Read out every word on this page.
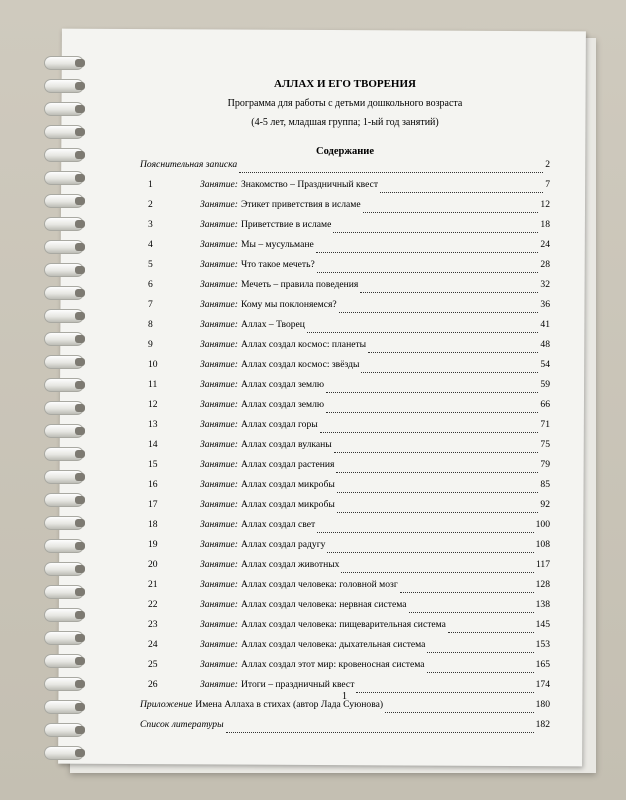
АЛЛАХ И ЕГО ТВОРЕНИЯ

Программа для работы с детьми дошкольного возраста

(4-5 лет, младшая группа; 1-ый год занятий)

Содержание
Пояснительная записка	2
1	Занятие: Знакомство – Праздничный квест	7
2	Занятие: Этикет приветствия в исламе	12
3	Занятие: Приветствие в исламе	18
4	Занятие: Мы – мусульмане	24
5	Занятие: Что такое мечеть?	28
6	Занятие: Мечеть – правила поведения	32
7	Занятие: Кому мы поклоняемся?	36
8	Занятие: Аллах – Творец	41
9	Занятие: Аллах создал космос: планеты	48
10	Занятие: Аллах создал космос: звёзды	54
11	Занятие: Аллах создал землю	59
12	Занятие: Аллах создал землю	66
13	Занятие: Аллах создал горы	71
14	Занятие: Аллах создал вулканы	75
15	Занятие: Аллах создал растения	79
16	Занятие: Аллах создал микробы	85
17	Занятие: Аллах создал микробы	92
18	Занятие: Аллах создал свет	100
19	Занятие: Аллах создал радугу	108
20	Занятие: Аллах создал животных	117
21	Занятие: Аллах создал человека: головной мозг	128
22	Занятие: Аллах создал человека: нервная система	138
23	Занятие: Аллах создал человека: пищеварительная система	145
24	Занятие: Аллах создал человека: дыхательная система	153
25	Занятие: Аллах создал этот мир: кровеносная система	165
26	Занятие: Итоги – праздничный квест	174
Приложение Имена Аллаха в стихах (автор Лада Суюнова)	180
Список литературы	182
1
